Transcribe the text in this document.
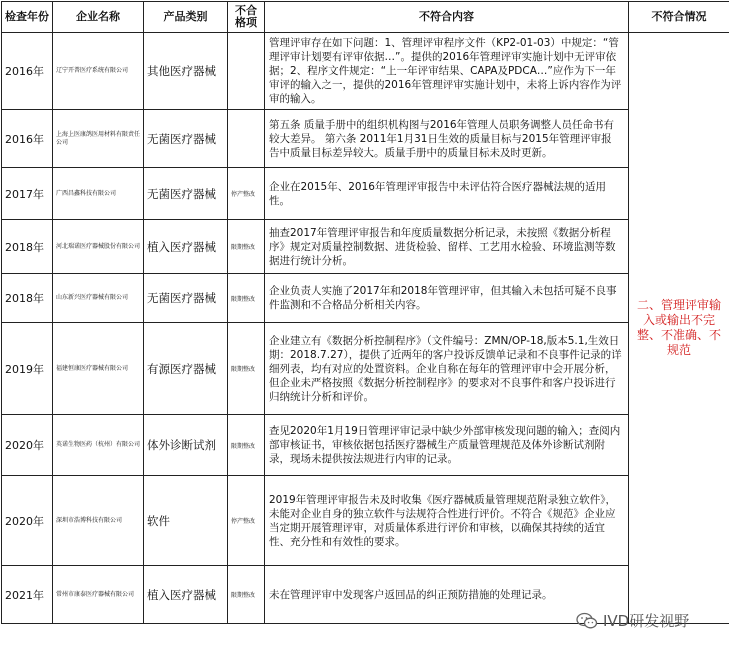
检查年份	企业名称	产品类别	不合格项	不符合内容	不符合情况
2016年	辽宁开普医疗系统有限公司	其他医疗器械		管理评审存在如下问题：1、管理评审程序文件（KP2-01-03）中规定：“管理评审计划要有评审依据…”。提供的2016年管理评审实施计划中无评审依据；2、程序文件规定：“上一年评审结果、CAPA及PDCA…”应作为下一年审评的输入之一，提供的2016年管理评审实施计划中，未将上诉内容作为评审的输入。	二、管理评审输入或输出不完整、不准确、不规范
2016年	上海上医康鸽医用材料有限责任公司	无菌医疗器械		第五条 质量手册中的组织机构图与2016年管理人员职务调整人员任命书有较大差异。 第六条 2011年1月31日生效的质量目标与2015年管理评审报告中质量目标差异较大。质量手册中的质量目标未及时更新。	
2017年	广西昌鑫科技有限公司	无菌医疗器械	停产整改	企业在2015年、2016年管理评审报告中未评估符合医疗器械法规的适用性。	
2018年	河北瑞诺医疗器械股份有限公司	植入医疗器械	限期整改	抽查2017年管理评审报告和年度质量数据分析记录，未按照《数据分析程序》规定对质量控制数据、进货检验、留样、工艺用水检验、环境监测等数据进行统计分析。	
2018年	山东新兴医疗器械有限公司	无菌医疗器械	限期整改	企业负责人实施了2017年和2018年管理评审，但其输入未包括可疑不良事件监测和不合格品分析相关内容。	
2019年	福建恒康医疗器械有限公司	有源医疗器械	限期整改	企业建立有《数据分析控制程序》（文件编号：ZMN/OP-18,版本5.1,生效日期：2018.7.27），提供了近两年的客户投诉反馈单记录和不良事件记录的详细列表，均有对应的处置资料。企业自称在每年的管理评审中会开展分析，但企业未严格按照《数据分析控制程序》的要求对不良事件和客户投诉进行归纳统计分析和评价。	
2020年	英诺生物医药（杭州）有限公司	体外诊断试剂	限期整改	查见2020年1月19日管理评审记录中缺少外部审核发现问题的输入；查阅内部审核证书，审核依据包括医疗器械生产质量管理规范及体外诊断试剂附录，现场未提供按法规进行内审的记录。	
2020年	深圳市浩博科技有限公司	软件	停产整改	2019年管理评审报告未及时收集《医疗器械质量管理规范附录独立软件》，未能对企业自身的独立软件与法规符合性进行评价。不符合《规范》企业应当定期开展管理评审，对质量体系进行评价和审核，以确保其持续的适宜性、充分性和有效性的要求。	
2021年	常州市康泰医疗器械有限公司	植入医疗器械	限期整改	未在管理评审中发现客户返回品的纠正预防措施的处理记录。	
IVD研发视野
